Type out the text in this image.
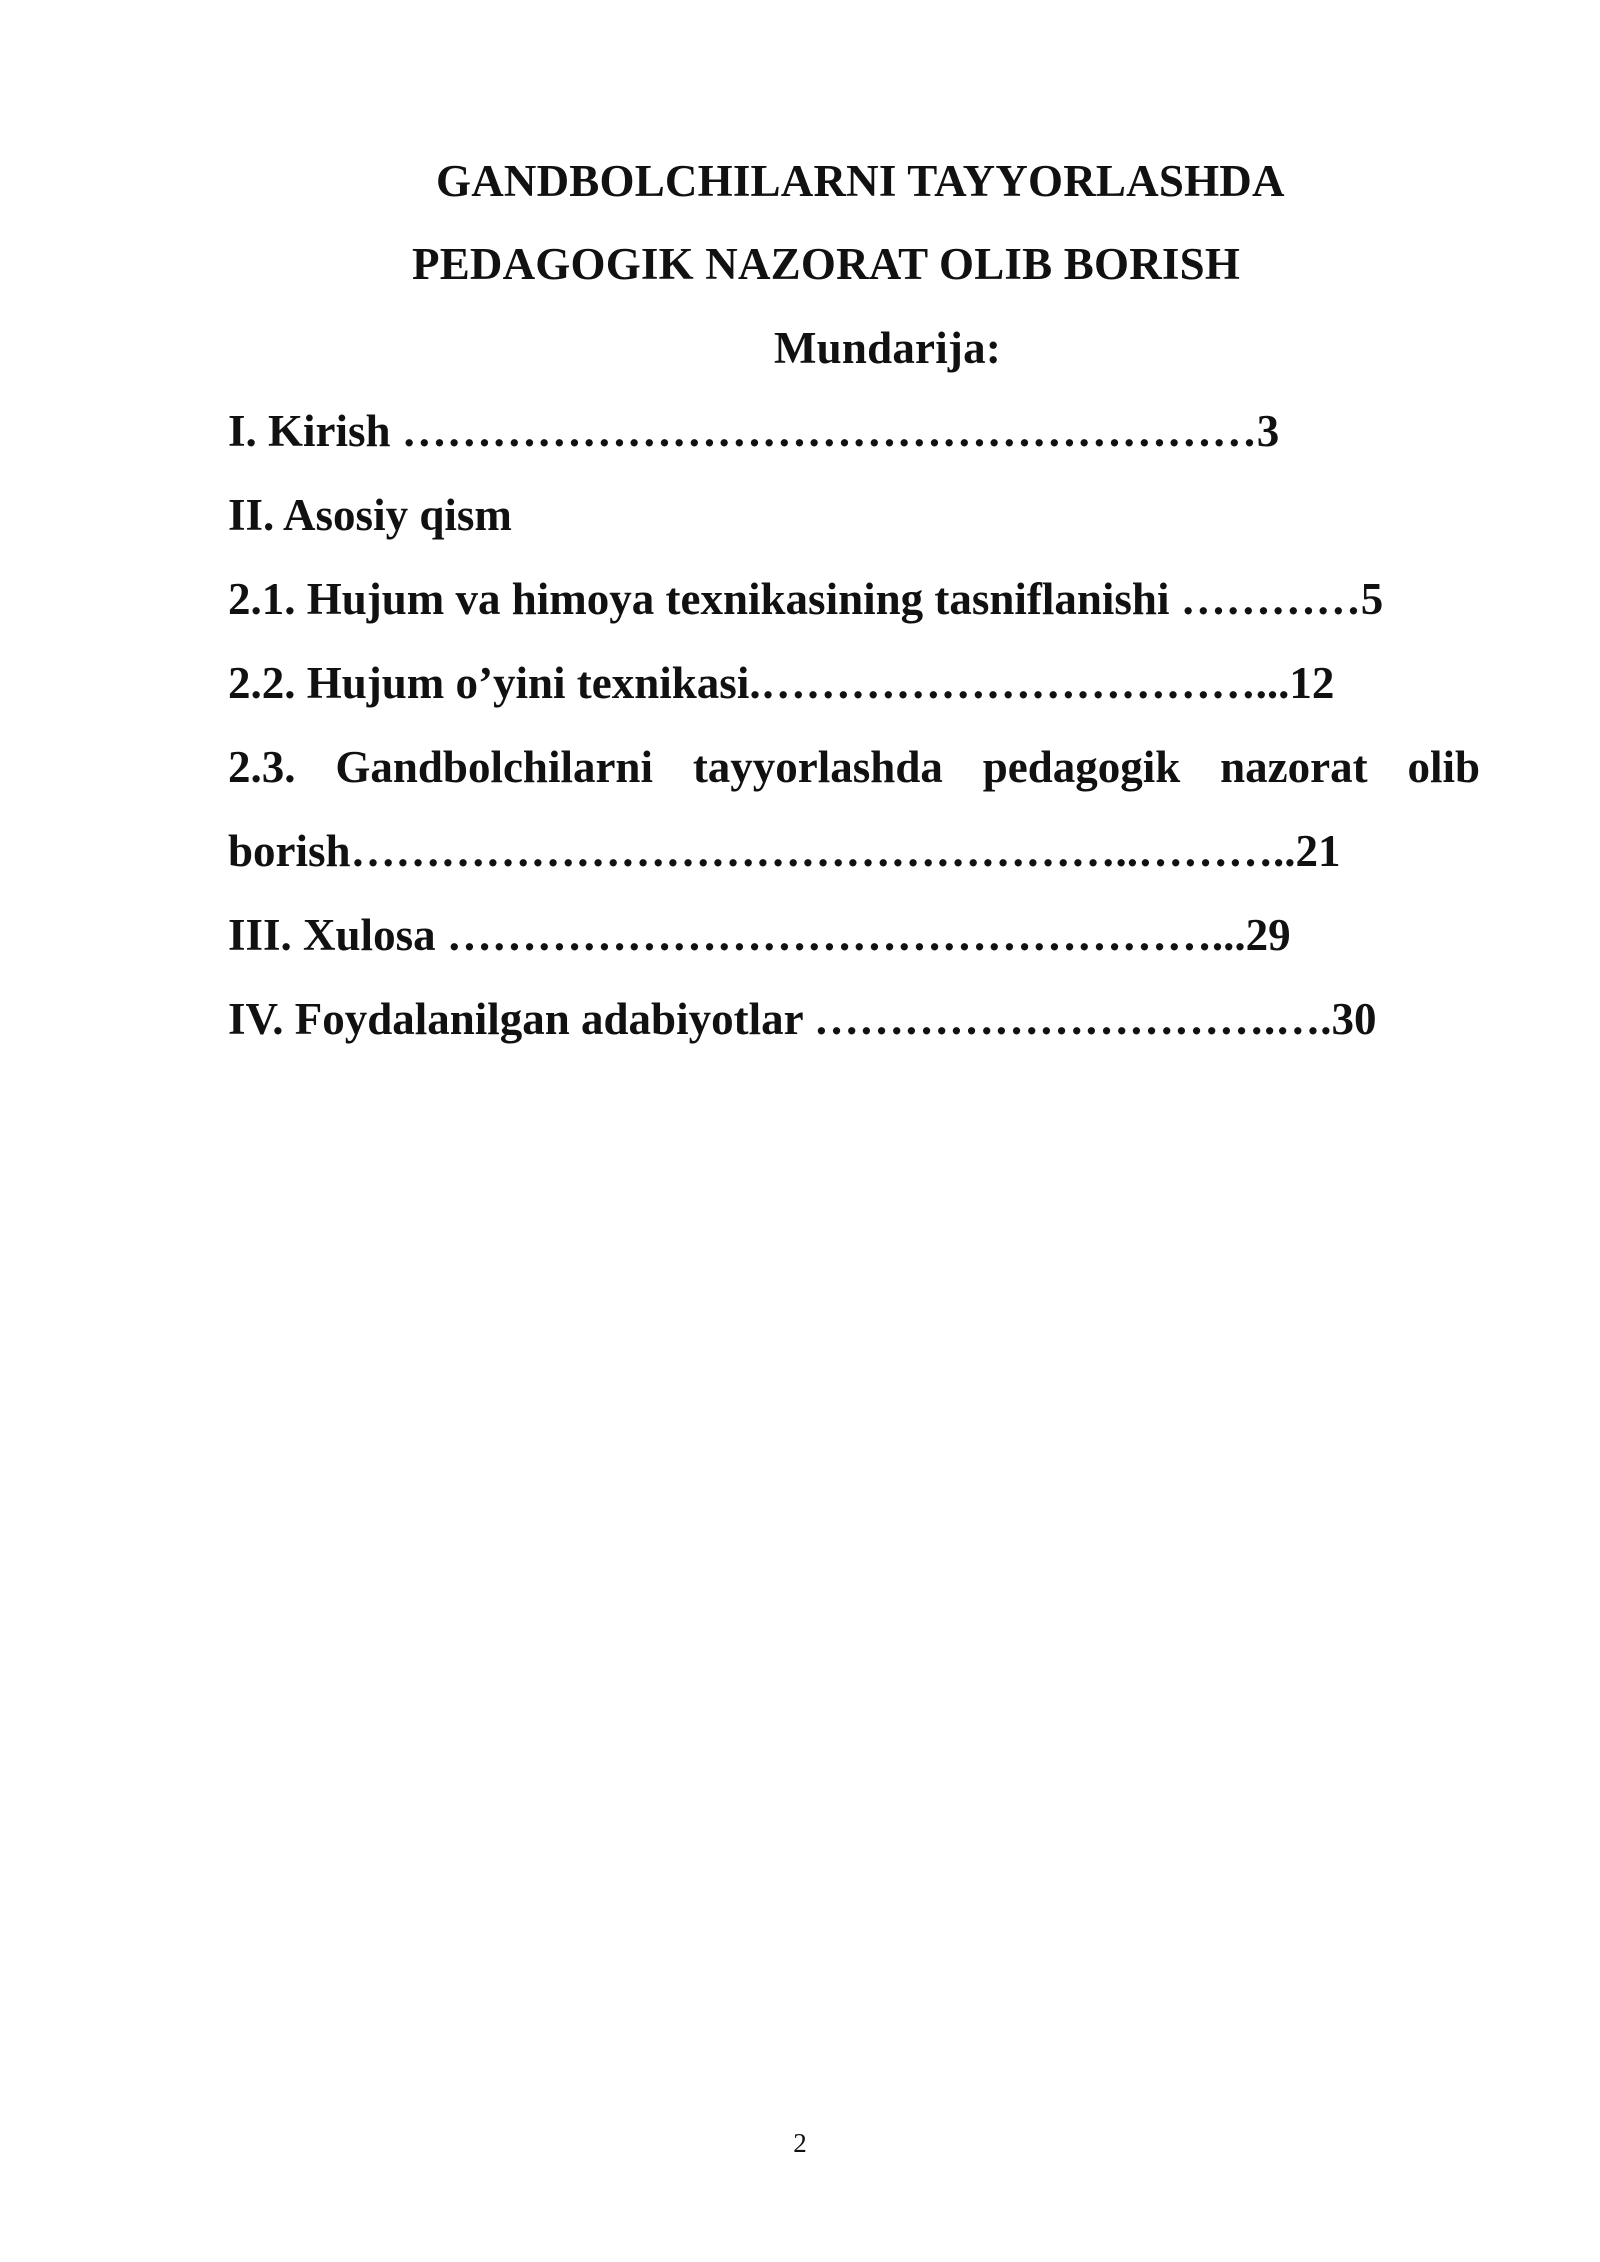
GANDBOLCHILARNI TAYYORLASHDA
PEDAGOGIK NAZORAT OLIB BORISH
Mundarija:
I. Kirish …………………………………………………3
II. Asosiy qism
2.1. Hujum va himoya texnikasining tasniflanishi …………5
2.2. Hujum o’yini texnikasi.……………………………...12
2.3. Gandbolchilarni tayyorlashda pedagogik nazorat olib
borish……………………………………………..………..21
III. Xulosa ……………………………………………...29
IV. Foydalanilgan adabiyotlar ………………………….….30
2
